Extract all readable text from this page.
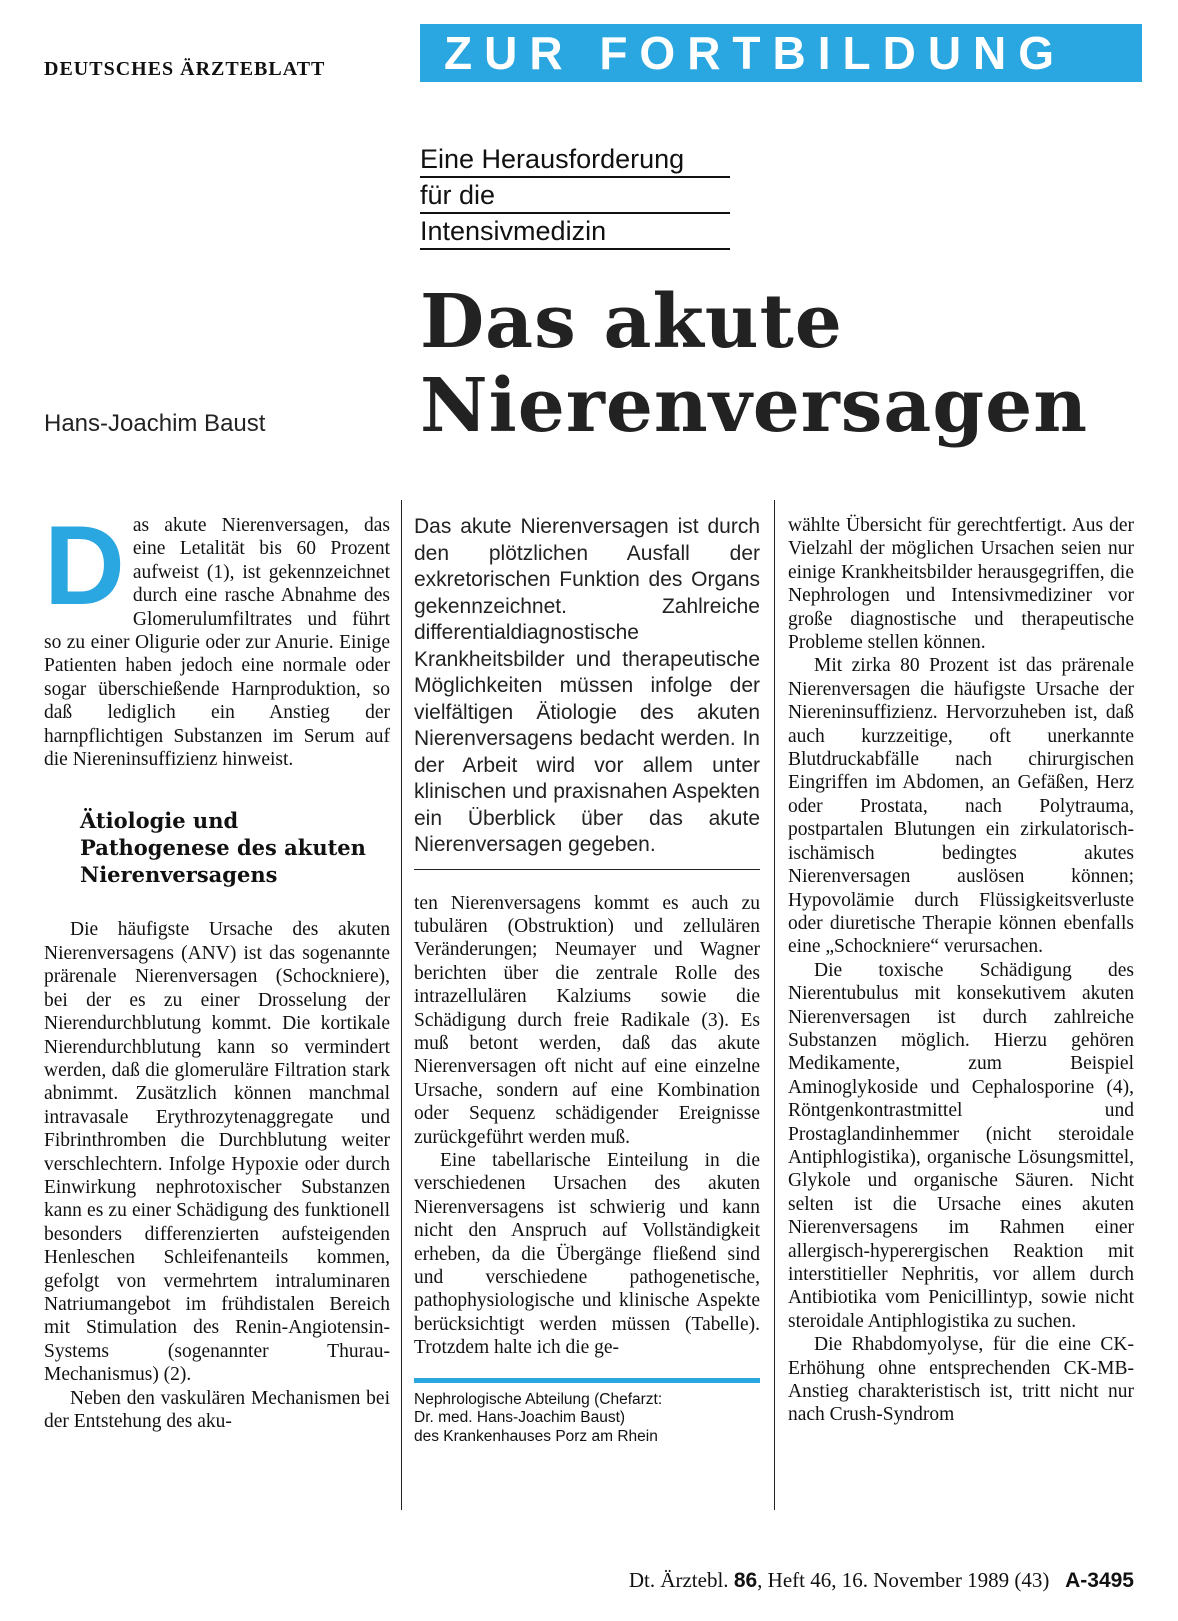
DEUTSCHES ÄRZTEBLATT	ZUR FORTBILDUNG
Eine Herausforderung
für die
Intensivmedizin
Das akute
Nierenversagen
Hans-Joachim Baust

Das akute Nierenversagen, das eine Letalität bis 60 Prozent aufweist (1), ist gekennzeichnet durch eine rasche Abnahme des Glomerulumfiltrates und führt so zu einer Oligurie oder zur Anurie. Einige Patienten haben jedoch eine normale oder sogar überschießende Harnproduktion, so daß lediglich ein Anstieg der harnpflichtigen Substanzen im Serum auf die Niereninsuffizienz hinweist.

Ätiologie und Pathogenese des akuten Nierenversagens

Die häufigste Ursache des akuten Nierenversagens (ANV) ist das sogenannte prärenale Nierenversagen (Schockniere), bei der es zu einer Drosselung der Nierendurchblutung kommt. Die kortikale Nierendurchblutung kann so vermindert werden, daß die glomeruläre Filtration stark abnimmt. Zusätzlich können manchmal intravasale Erythrozytenaggregate und Fibrinthromben die Durchblutung weiter verschlechtern. Infolge Hypoxie oder durch Einwirkung nephrotoxischer Substanzen kann es zu einer Schädigung des funktionell besonders differenzierten aufsteigenden Henleschen Schleifenanteils kommen, gefolgt von vermehrtem intraluminaren Natriumangebot im frühdistalen Bereich mit Stimulation des Renin-Angiotensin-Systems (sogenannter Thurau-Mechanismus) (2).

Neben den vaskulären Mechanismen bei der Entstehung des aku-

Das akute Nierenversagen ist durch den plötzlichen Ausfall der exkretorischen Funktion des Organs gekennzeichnet. Zahlreiche differentialdiagnostische Krankheitsbilder und therapeutische Möglichkeiten müssen infolge der vielfältigen Ätiologie des akuten Nierenversagens bedacht werden. In der Arbeit wird vor allem unter klinischen und praxisnahen Aspekten ein Überblick über das akute Nierenversagen gegeben.

ten Nierenversagens kommt es auch zu tubulären (Obstruktion) und zellulären Veränderungen; Neumayer und Wagner berichten über die zentrale Rolle des intrazellulären Kalziums sowie die Schädigung durch freie Radikale (3). Es muß betont werden, daß das akute Nierenversagen oft nicht auf eine einzelne Ursache, sondern auf eine Kombination oder Sequenz schädigender Ereignisse zurückgeführt werden muß.

Eine tabellarische Einteilung in die verschiedenen Ursachen des akuten Nierenversagens ist schwierig und kann nicht den Anspruch auf Vollständigkeit erheben, da die Übergänge fließend sind und verschiedene pathogenetische, pathophysiologische und klinische Aspekte berücksichtigt werden müssen (Tabelle). Trotzdem halte ich die ge-

Nephrologische Abteilung (Chefarzt:
Dr. med. Hans-Joachim Baust)
des Krankenhauses Porz am Rhein

wählte Übersicht für gerechtfertigt. Aus der Vielzahl der möglichen Ursachen seien nur einige Krankheitsbilder herausgegriffen, die Nephrologen und Intensivmediziner vor große diagnostische und therapeutische Probleme stellen können.

Mit zirka 80 Prozent ist das prärenale Nierenversagen die häufigste Ursache der Niereninsuffizienz. Hervorzuheben ist, daß auch kurzzeitige, oft unerkannte Blutdruckabfälle nach chirurgischen Eingriffen im Abdomen, an Gefäßen, Herz oder Prostata, nach Polytrauma, postpartalen Blutungen ein zirkulatorisch-ischämisch bedingtes akutes Nierenversagen auslösen können; Hypovolämie durch Flüssigkeitsverluste oder diuretische Therapie können ebenfalls eine „Schockniere“ verursachen.

Die toxische Schädigung des Nierentubulus mit konsekutivem akuten Nierenversagen ist durch zahlreiche Substanzen möglich. Hierzu gehören Medikamente, zum Beispiel Aminoglykoside und Cephalosporine (4), Röntgenkontrastmittel und Prostaglandinhemmer (nicht steroidale Antiphlogistika), organische Lösungsmittel, Glykole und organische Säuren. Nicht selten ist die Ursache eines akuten Nierenversagens im Rahmen einer allergisch-hyperergischen Reaktion mit interstitieller Nephritis, vor allem durch Antibiotika vom Penicillintyp, sowie nicht steroidale Antiphlogistika zu suchen.

Die Rhabdomyolyse, für die eine CK-Erhöhung ohne entsprechenden CK-MB-Anstieg charakteristisch ist, tritt nicht nur nach Crush-Syndrom

Dt. Ärztebl. 86, Heft 46, 16. November 1989 (43) A-3495
